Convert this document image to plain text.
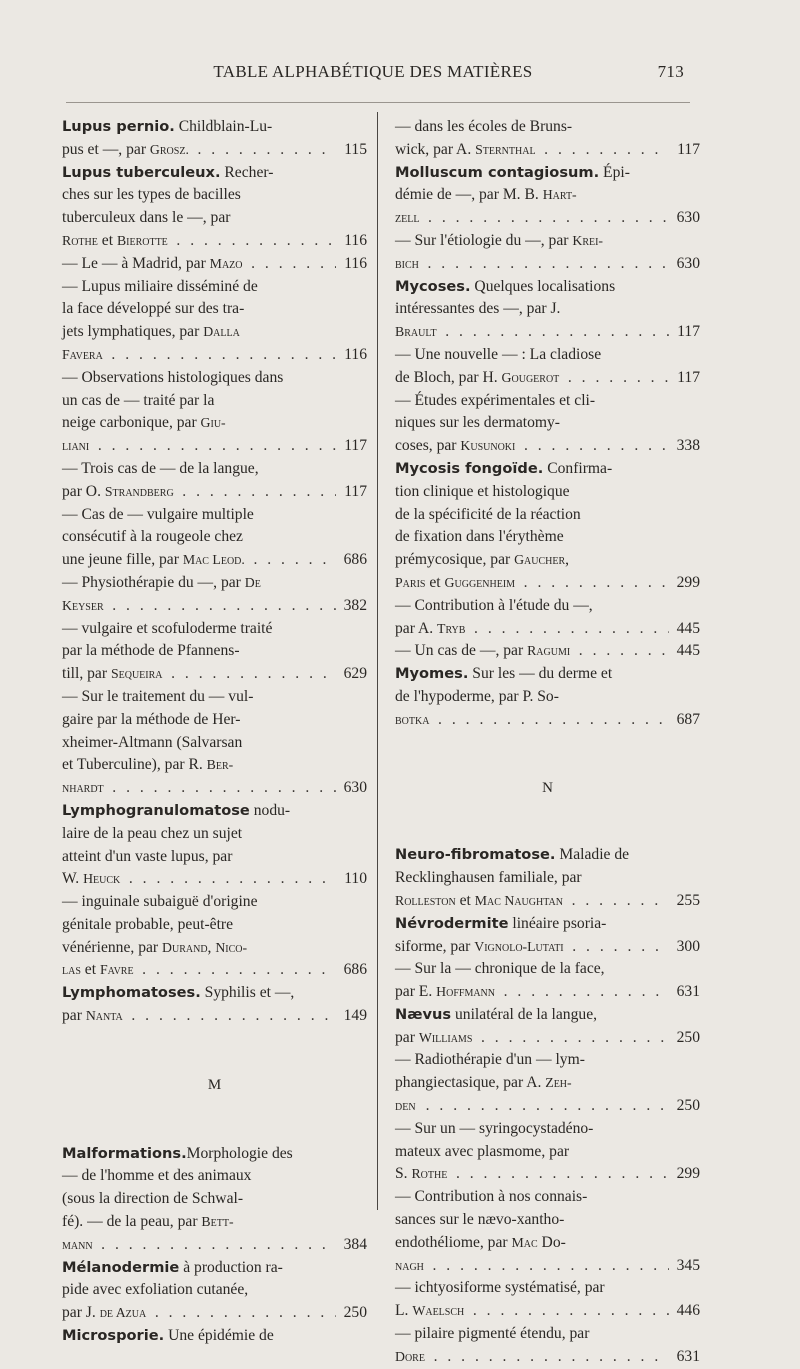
TABLE ALPHABÉTIQUE DES MATIÈRES	713
Lupus pernio. Childblain-Lu-
pus et —, par Grosz. . . .	115
Lupus tuberculeux. Recher-
ches sur les types de bacilles
tuberculeux dans le —, par
Rothe et Bierotte . . .	116
— Le — à Madrid, par Mazo . . .	116
— Lupus miliaire disséminé de
la face développé sur des tra-
jets lymphatiques, par Dalla
Favera . . .	116
— Observations histologiques dans
un cas de — traité par la
neige carbonique, par Giu-
liani . . .	117
— Trois cas de — de la langue,
par O. Strandberg . . .	117
— Cas de — vulgaire multiple
consécutif à la rougeole chez
une jeune fille, par Mac Leod. . . .	686
— Physiothérapie du —, par De
Keyser . . .	382
— vulgaire et scofuloderme traité
par la méthode de Pfannens-
till, par Sequeira . . .	629
— Sur le traitement du — vul-
gaire par la méthode de Her-
xheimer-Altmann (Salvarsan
et Tuberculine), par R. Ber-
nhardt . . .	630
Lymphogranulomatose nodu-
laire de la peau chez un sujet
atteint d'un vaste lupus, par
W. Heuck . . .	110
— inguinale subaiguë d'origine
génitale probable, peut-être
vénérienne, par Durand, Nico-
las et Favre . . .	686
Lymphomatoses. Syphilis et —,
par Nanta . . .	149
M
Malformations.Morphologie des
— de l'homme et des animaux
(sous la direction de Schwal-
fé). — de la peau, par Bett-
mann . . .	384
Mélanodermie à production ra-
pide avec exfoliation cutanée,
par J. de Azua . . .	250
Microsporie. Une épidémie de
— dans les écoles de Bruns-
wick, par A. Sternthal . . .	117
Molluscum contagiosum. Épi-
démie de —, par M. B. Hart-
zell . . .	630
— Sur l'étiologie du —, par Krei-
bich . . .	630
Mycoses. Quelques localisations
intéressantes des —, par J.
Brault . . .	117
— Une nouvelle — : La cladiose
de Bloch, par H. Gougerot . . .	117
— Études expérimentales et cli-
niques sur les dermatomy-
coses, par Kusunoki . . .	338
Mycosis fongoïde. Confirma-
tion clinique et histologique
de la spécificité de la réaction
de fixation dans l'érythème
prémycosique, par Gaucher,
Paris et Guggenheim . . .	299
— Contribution à l'étude du —,
par A. Tryb . . .	445
— Un cas de —, par Ragumi . . .	445
Myomes. Sur les — du derme et
de l'hypoderme, par P. So-
botka . . .	687
N
Neuro-fibromatose. Maladie de
Recklinghausen familiale, par
Rolleston et Mac Naughtan . . .	255
Névrodermite linéaire psoria-
siforme, par Vignolo-Lutati . . .	300
— Sur la — chronique de la face,
par E. Hoffmann . . .	631
Nævus unilatéral de la langue,
par Williams . . .	250
— Radiothérapie d'un — lym-
phangiectasique, par A. Zeh-
den . . .	250
— Sur un — syringocystadéno-
mateux avec plasmome, par
S. Rothe . . .	299
— Contribution à nos connais-
sances sur le nævo-xantho-
endothéliome, par Mac Do-
nagh . . .	345
— ichtyosiforme systématisé, par
L. Waelsch . . .	446
— pilaire pigmenté étendu, par
Dore . . .	631
